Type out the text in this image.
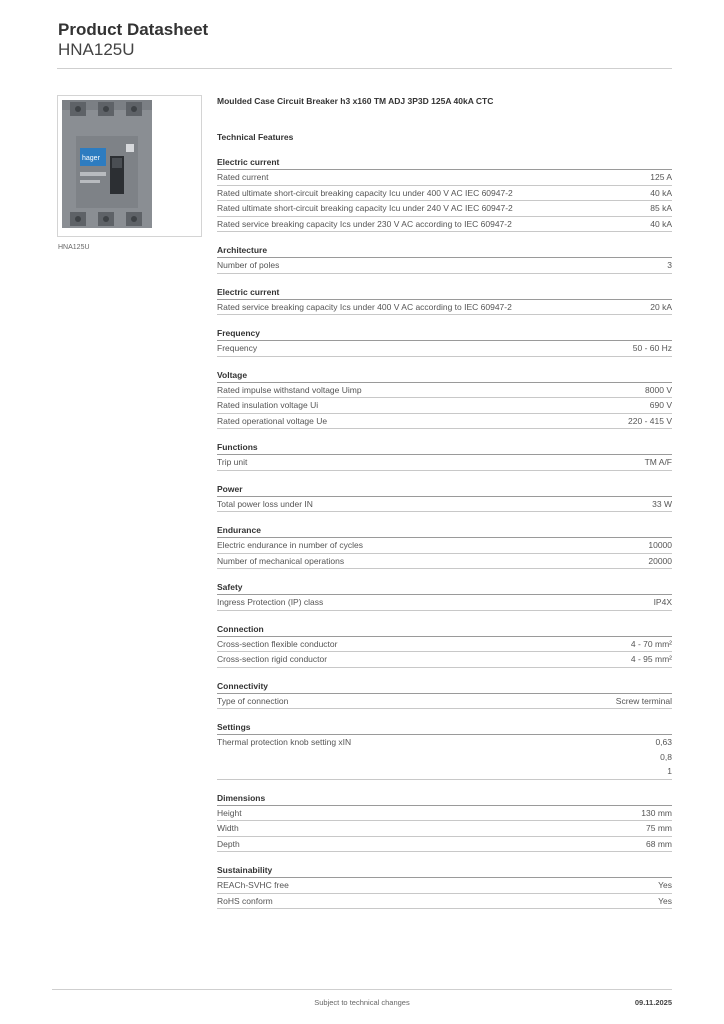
Product Datasheet
HNA125U
hager
HNA125U
Moulded Case Circuit Breaker h3 x160 TM ADJ 3P3D 125A 40kA CTC
Technical Features
Electric current
Rated current	125 A
Rated ultimate short-circuit breaking capacity Icu under 400 V AC IEC 60947-2	40 kA
Rated ultimate short-circuit breaking capacity Icu under 240 V AC IEC 60947-2	85 kA
Rated service breaking capacity Ics under 230 V AC according to IEC 60947-2	40 kA
Architecture
Number of poles	3
Electric current
Rated service breaking capacity Ics under 400 V AC according to IEC 60947-2	20 kA
Frequency
Frequency	50 - 60 Hz
Voltage
Rated impulse withstand voltage Uimp	8000 V
Rated insulation voltage Ui	690 V
Rated operational voltage Ue	220 - 415 V
Functions
Trip unit	TM A/F
Power
Total power loss under IN	33 W
Endurance
Electric endurance in number of cycles	10000
Number of mechanical operations	20000
Safety
Ingress Protection (IP) class	IP4X
Connection
Cross-section flexible conductor	4 - 70 mm²
Cross-section rigid conductor	4 - 95 mm²
Connectivity
Type of connection	Screw terminal
Settings
Thermal protection knob setting xIN	0,63
0,8
1
Dimensions
Height	130 mm
Width	75 mm
Depth	68 mm
Sustainability
REACh-SVHC free	Yes
RoHS conform	Yes
Subject to technical changes	09.11.2025
